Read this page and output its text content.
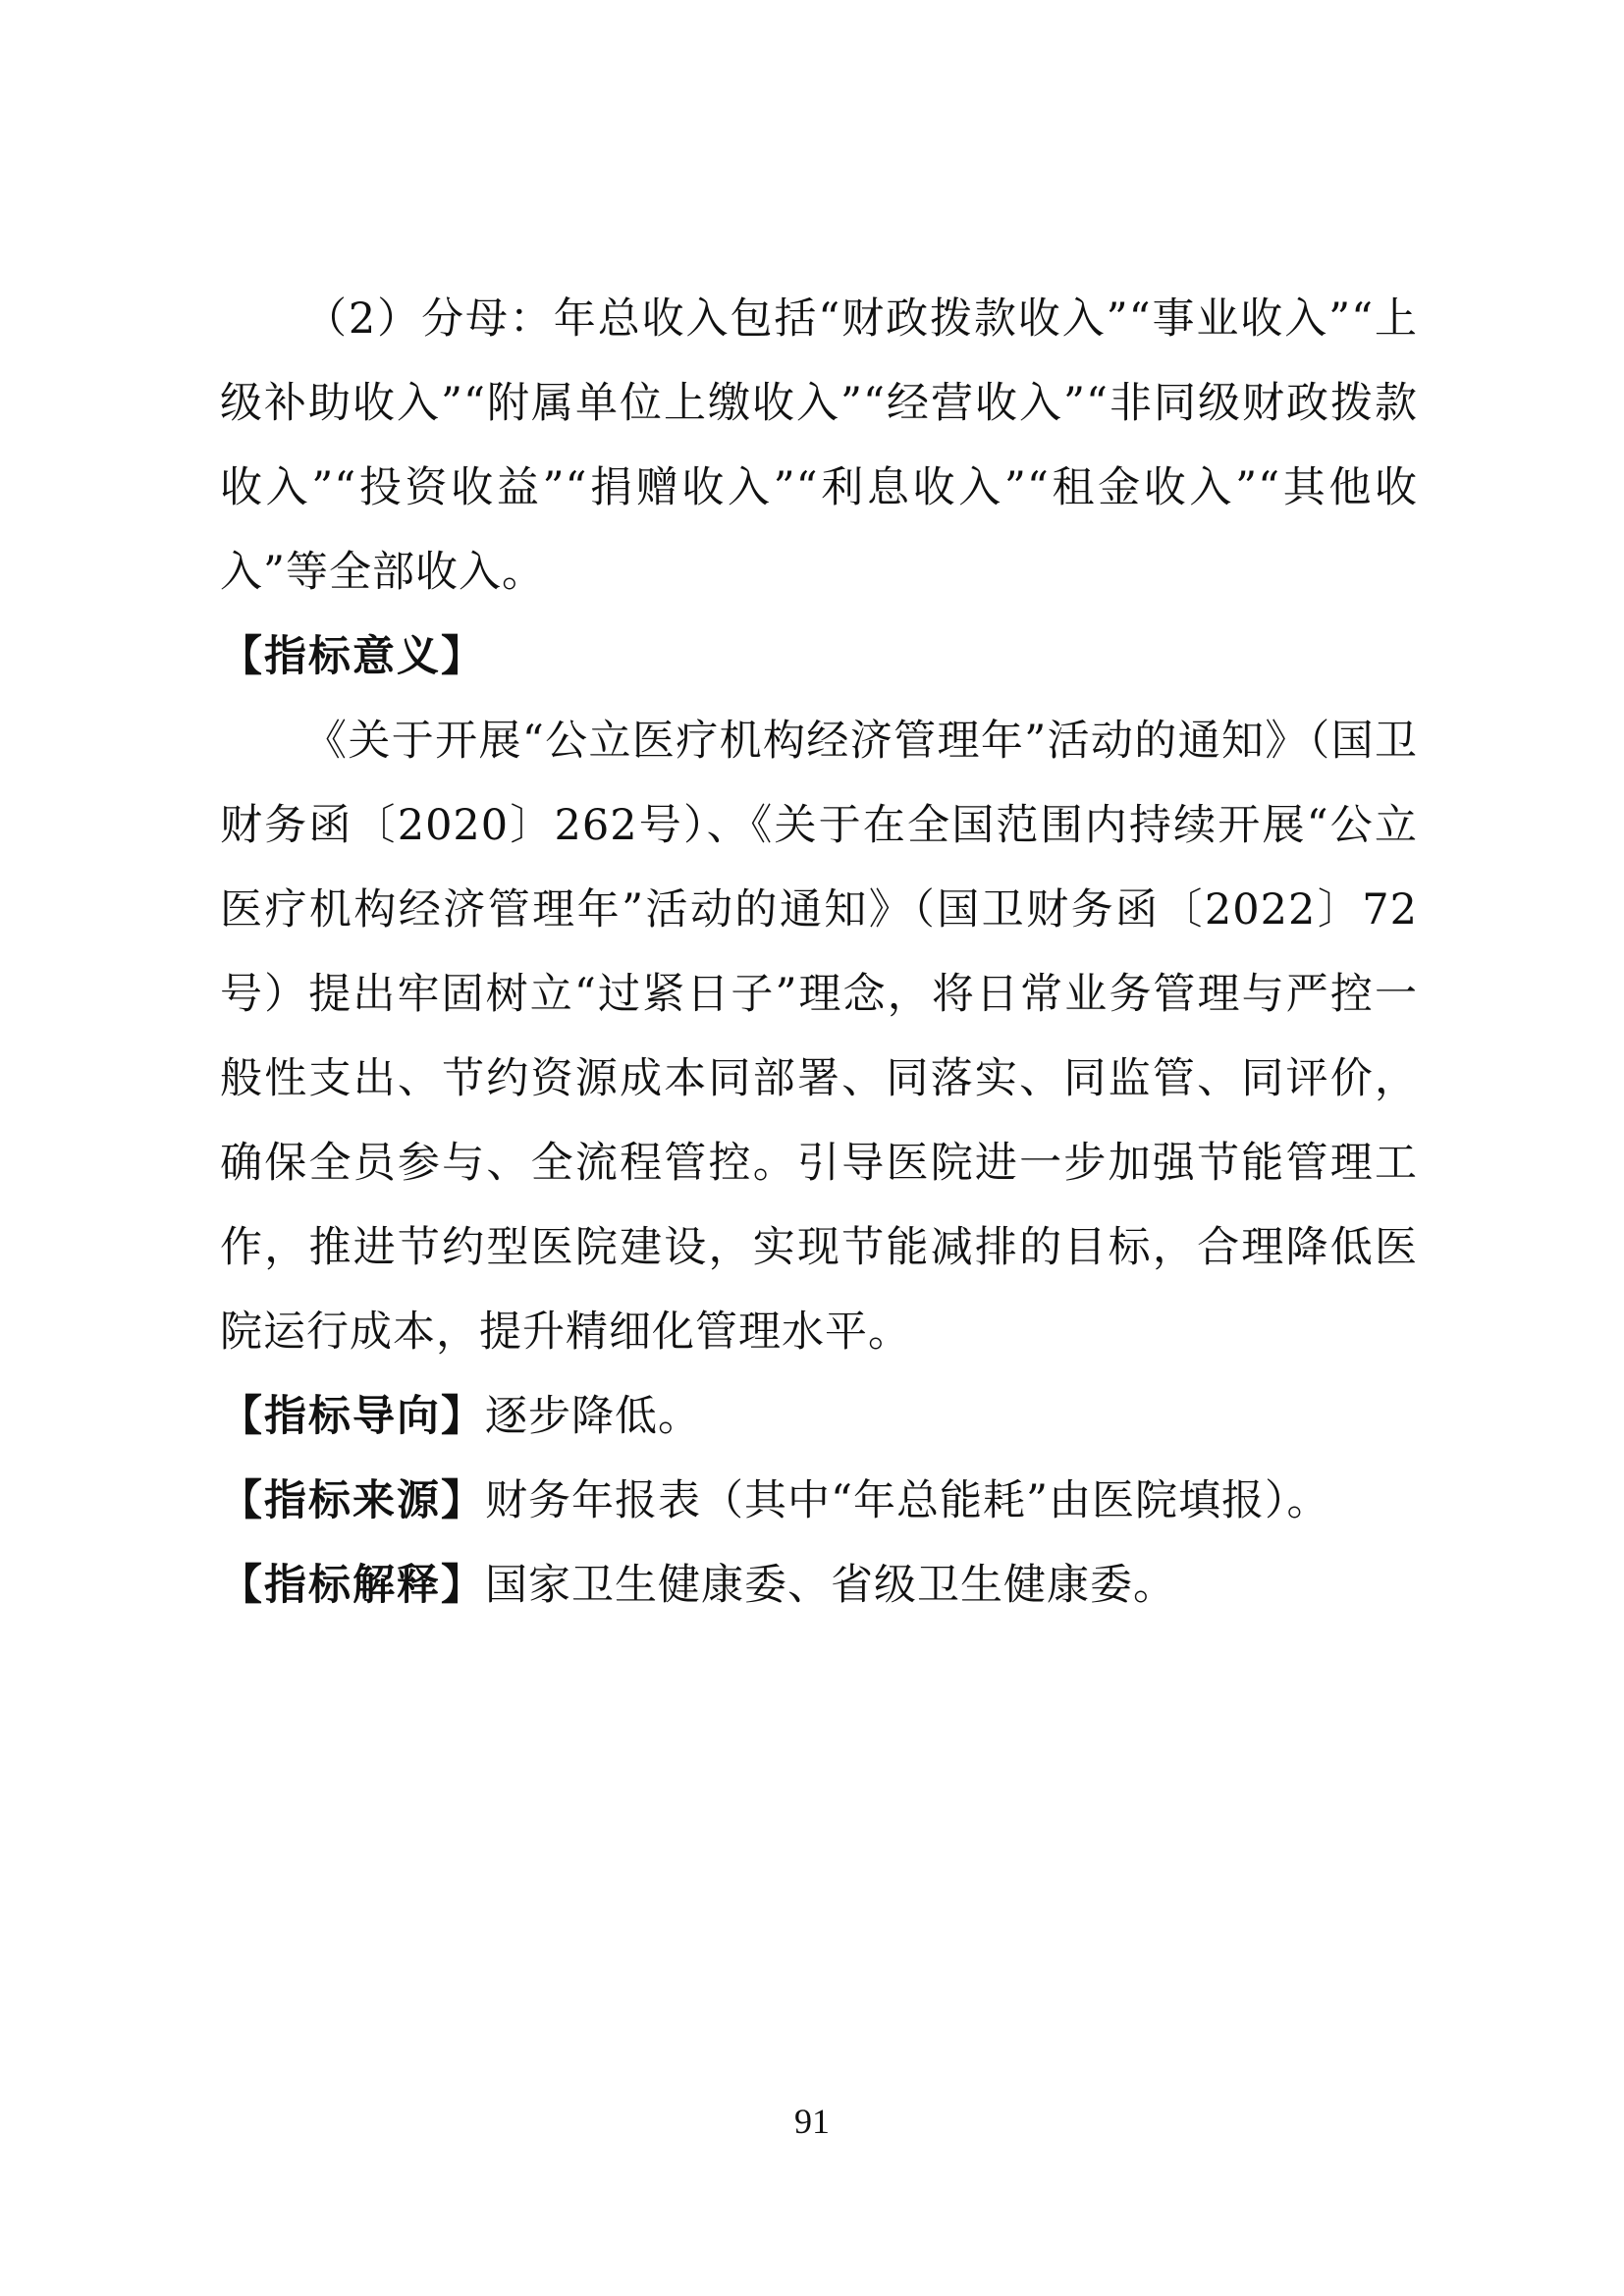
（2）分母：年总收入包括“财政拨款收入”“事业收入”“上级补助收入”“附属单位上缴收入”“经营收入”“非同级财政拨款收入”“投资收益”“捐赠收入”“利息收入”“租金收入”“其他收入”等全部收入。

【指标意义】

《关于开展“公立医疗机构经济管理年”活动的通知》（国卫财务函〔2020〕262号）、《关于在全国范围内持续开展“公立医疗机构经济管理年”活动的通知》（国卫财务函〔2022〕72号）提出牢固树立“过紧日子”理念，将日常业务管理与严控一般性支出、节约资源成本同部署、同落实、同监管、同评价，确保全员参与、全流程管控。引导医院进一步加强节能管理工作，推进节约型医院建设，实现节能减排的目标，合理降低医院运行成本，提升精细化管理水平。

【指标导向】逐步降低。

【指标来源】财务年报表（其中“年总能耗”由医院填报）。

【指标解释】国家卫生健康委、省级卫生健康委。

91
